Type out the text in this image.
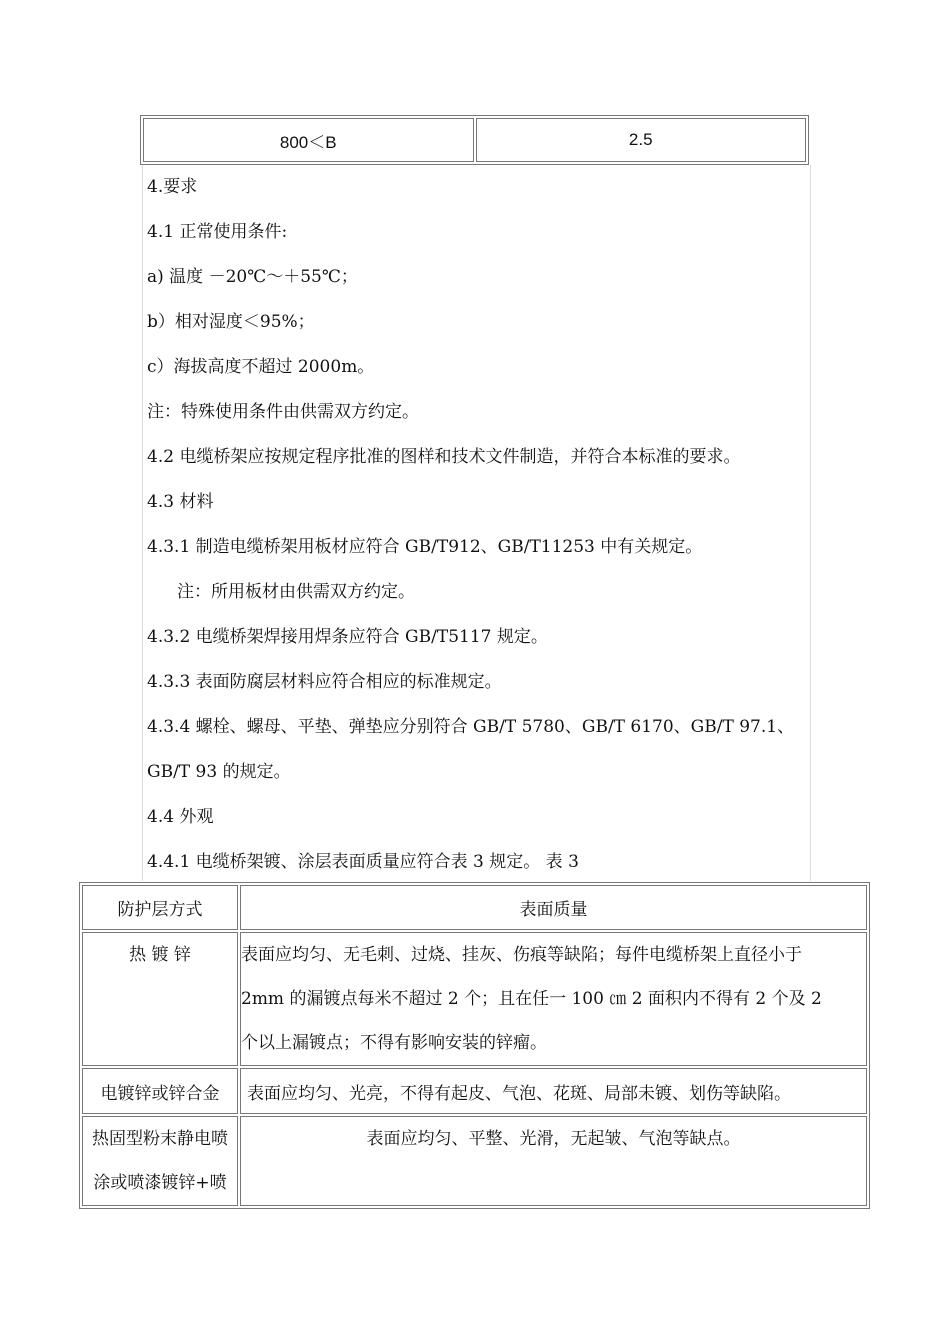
800＜B	2.5
4.要求
4.1 正常使用条件:
a) 温度 －20℃～＋55℃；
b）相对湿度＜95%；
c）海拔高度不超过 2000m。
注：特殊使用条件由供需双方约定。
4.2 电缆桥架应按规定程序批准的图样和技术文件制造，并符合本标准的要求。
4.3 材料
4.3.1 制造电缆桥架用板材应符合 GB/T912、GB/T11253 中有关规定。
注：所用板材由供需双方约定。
4.3.2 电缆桥架焊接用焊条应符合 GB/T5117 规定。
4.3.3 表面防腐层材料应符合相应的标准规定。
4.3.4 螺栓、螺母、平垫、弹垫应分别符合 GB/T 5780、GB/T 6170、GB/T 97.1、
GB/T 93 的规定。
4.4 外观
4.4.1 电缆桥架镀、涂层表面质量应符合表 3 规定。 表 3
防护层方式	表面质量

热 镀 锌	表面应均匀、无毛刺、过烧、挂灰、伤痕等缺陷；每件电缆桥架上直径小于
2mm 的漏镀点每米不超过 2 个；且在任一 100 ㎝ 2 面积内不得有 2 个及 2
个以上漏镀点；不得有影响安装的锌瘤。

电镀锌或锌合金	表面应均匀、光亮，不得有起皮、气泡、花斑、局部未镀、划伤等缺陷。

热固型粉末静电喷
涂或喷漆镀锌+喷	表面应均匀、平整、光滑，无起皱、气泡等缺点。
